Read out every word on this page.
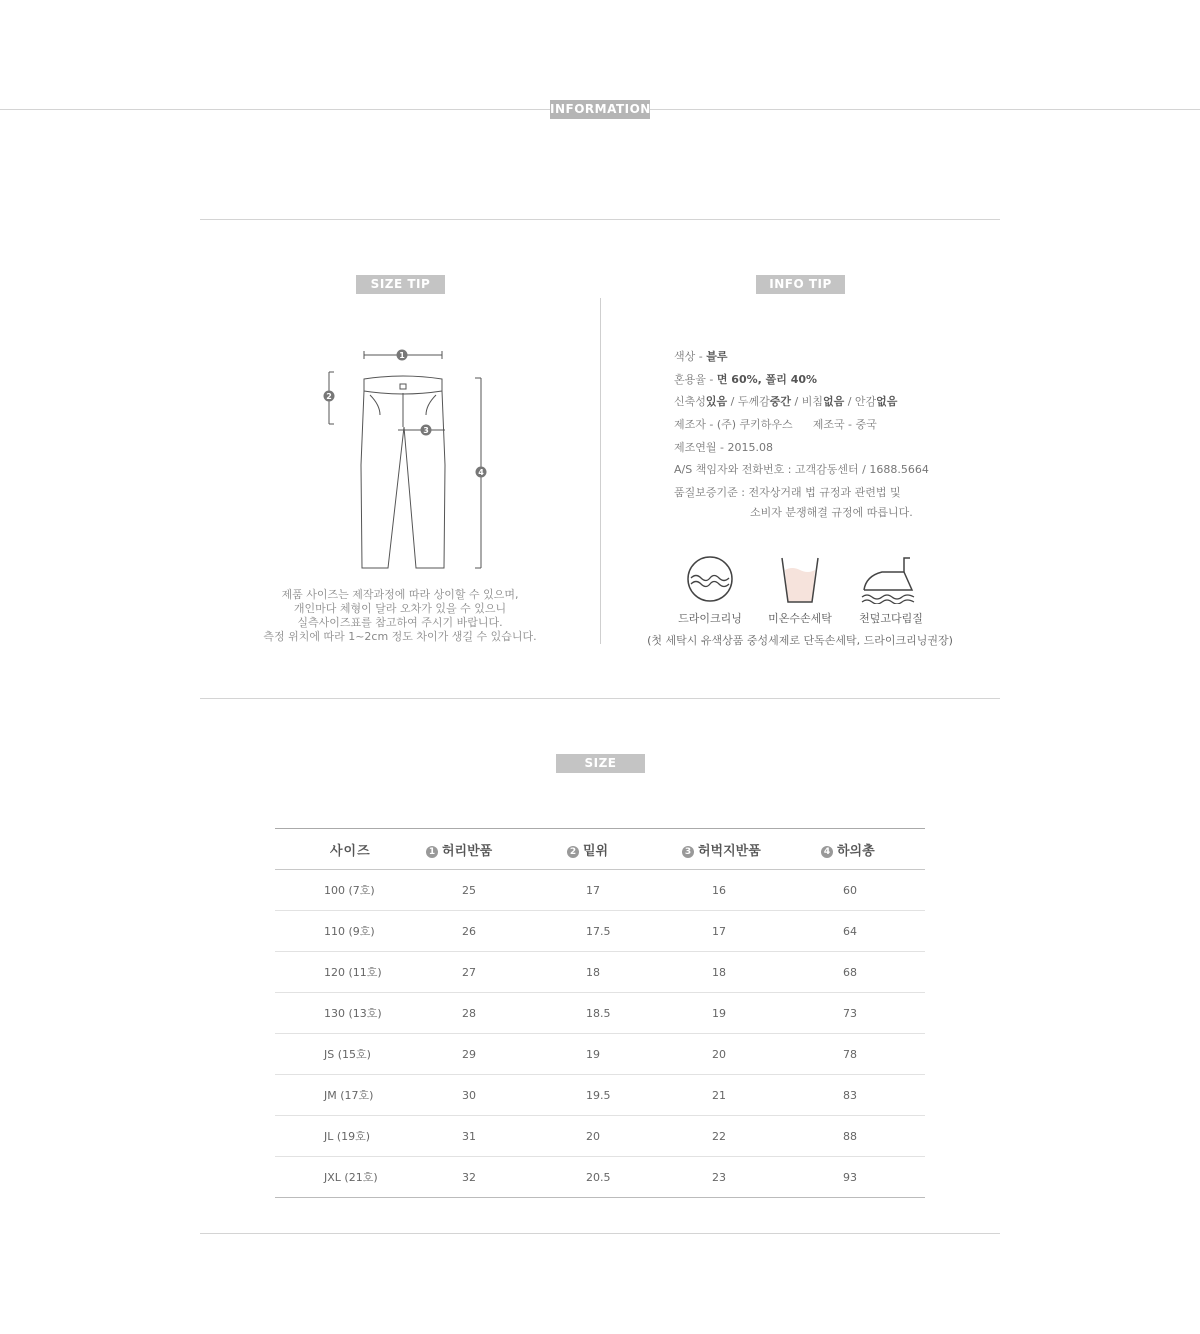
INFORMATION
SIZE TIP
1
2
3
4
제품 사이즈는 제작과정에 따라 상이할 수 있으며,
개인마다 체형이 달라 오차가 있을 수 있으니
실측사이즈표를 참고하여 주시기 바랍니다.
측정 위치에 따라 1~2cm 정도 차이가 생길 수 있습니다.
INFO TIP
색상 - 블루
혼용율 - 면 60%, 폴리 40%
신축성있음 / 두께감중간 / 비침없음 / 안감없음
제조자 - (주) 쿠키하우스 제조국 - 중국
제조연월 - 2015.08
A/S 책임자와 전화번호 : 고객감동센터 / 1688.5664
품질보증기준 : 전자상거래 법 규정과 관련법 및
소비자 분쟁해결 규정에 따릅니다.
드라이크리닝	미온수손세탁	천덮고다림질
(첫 세탁시 유색상품 중성세제로 단독손세탁, 드라이크리닝권장)
SIZE
사이즈	1 허리반품	2 밑위	3 허벅지반품	4 하의총
100 (7호)	25	17	16	60
110 (9호)	26	17.5	17	64
120 (11호)	27	18	18	68
130 (13호)	28	18.5	19	73
JS (15호)	29	19	20	78
JM (17호)	30	19.5	21	83
JL (19호)	31	20	22	88
JXL (21호)	32	20.5	23	93
